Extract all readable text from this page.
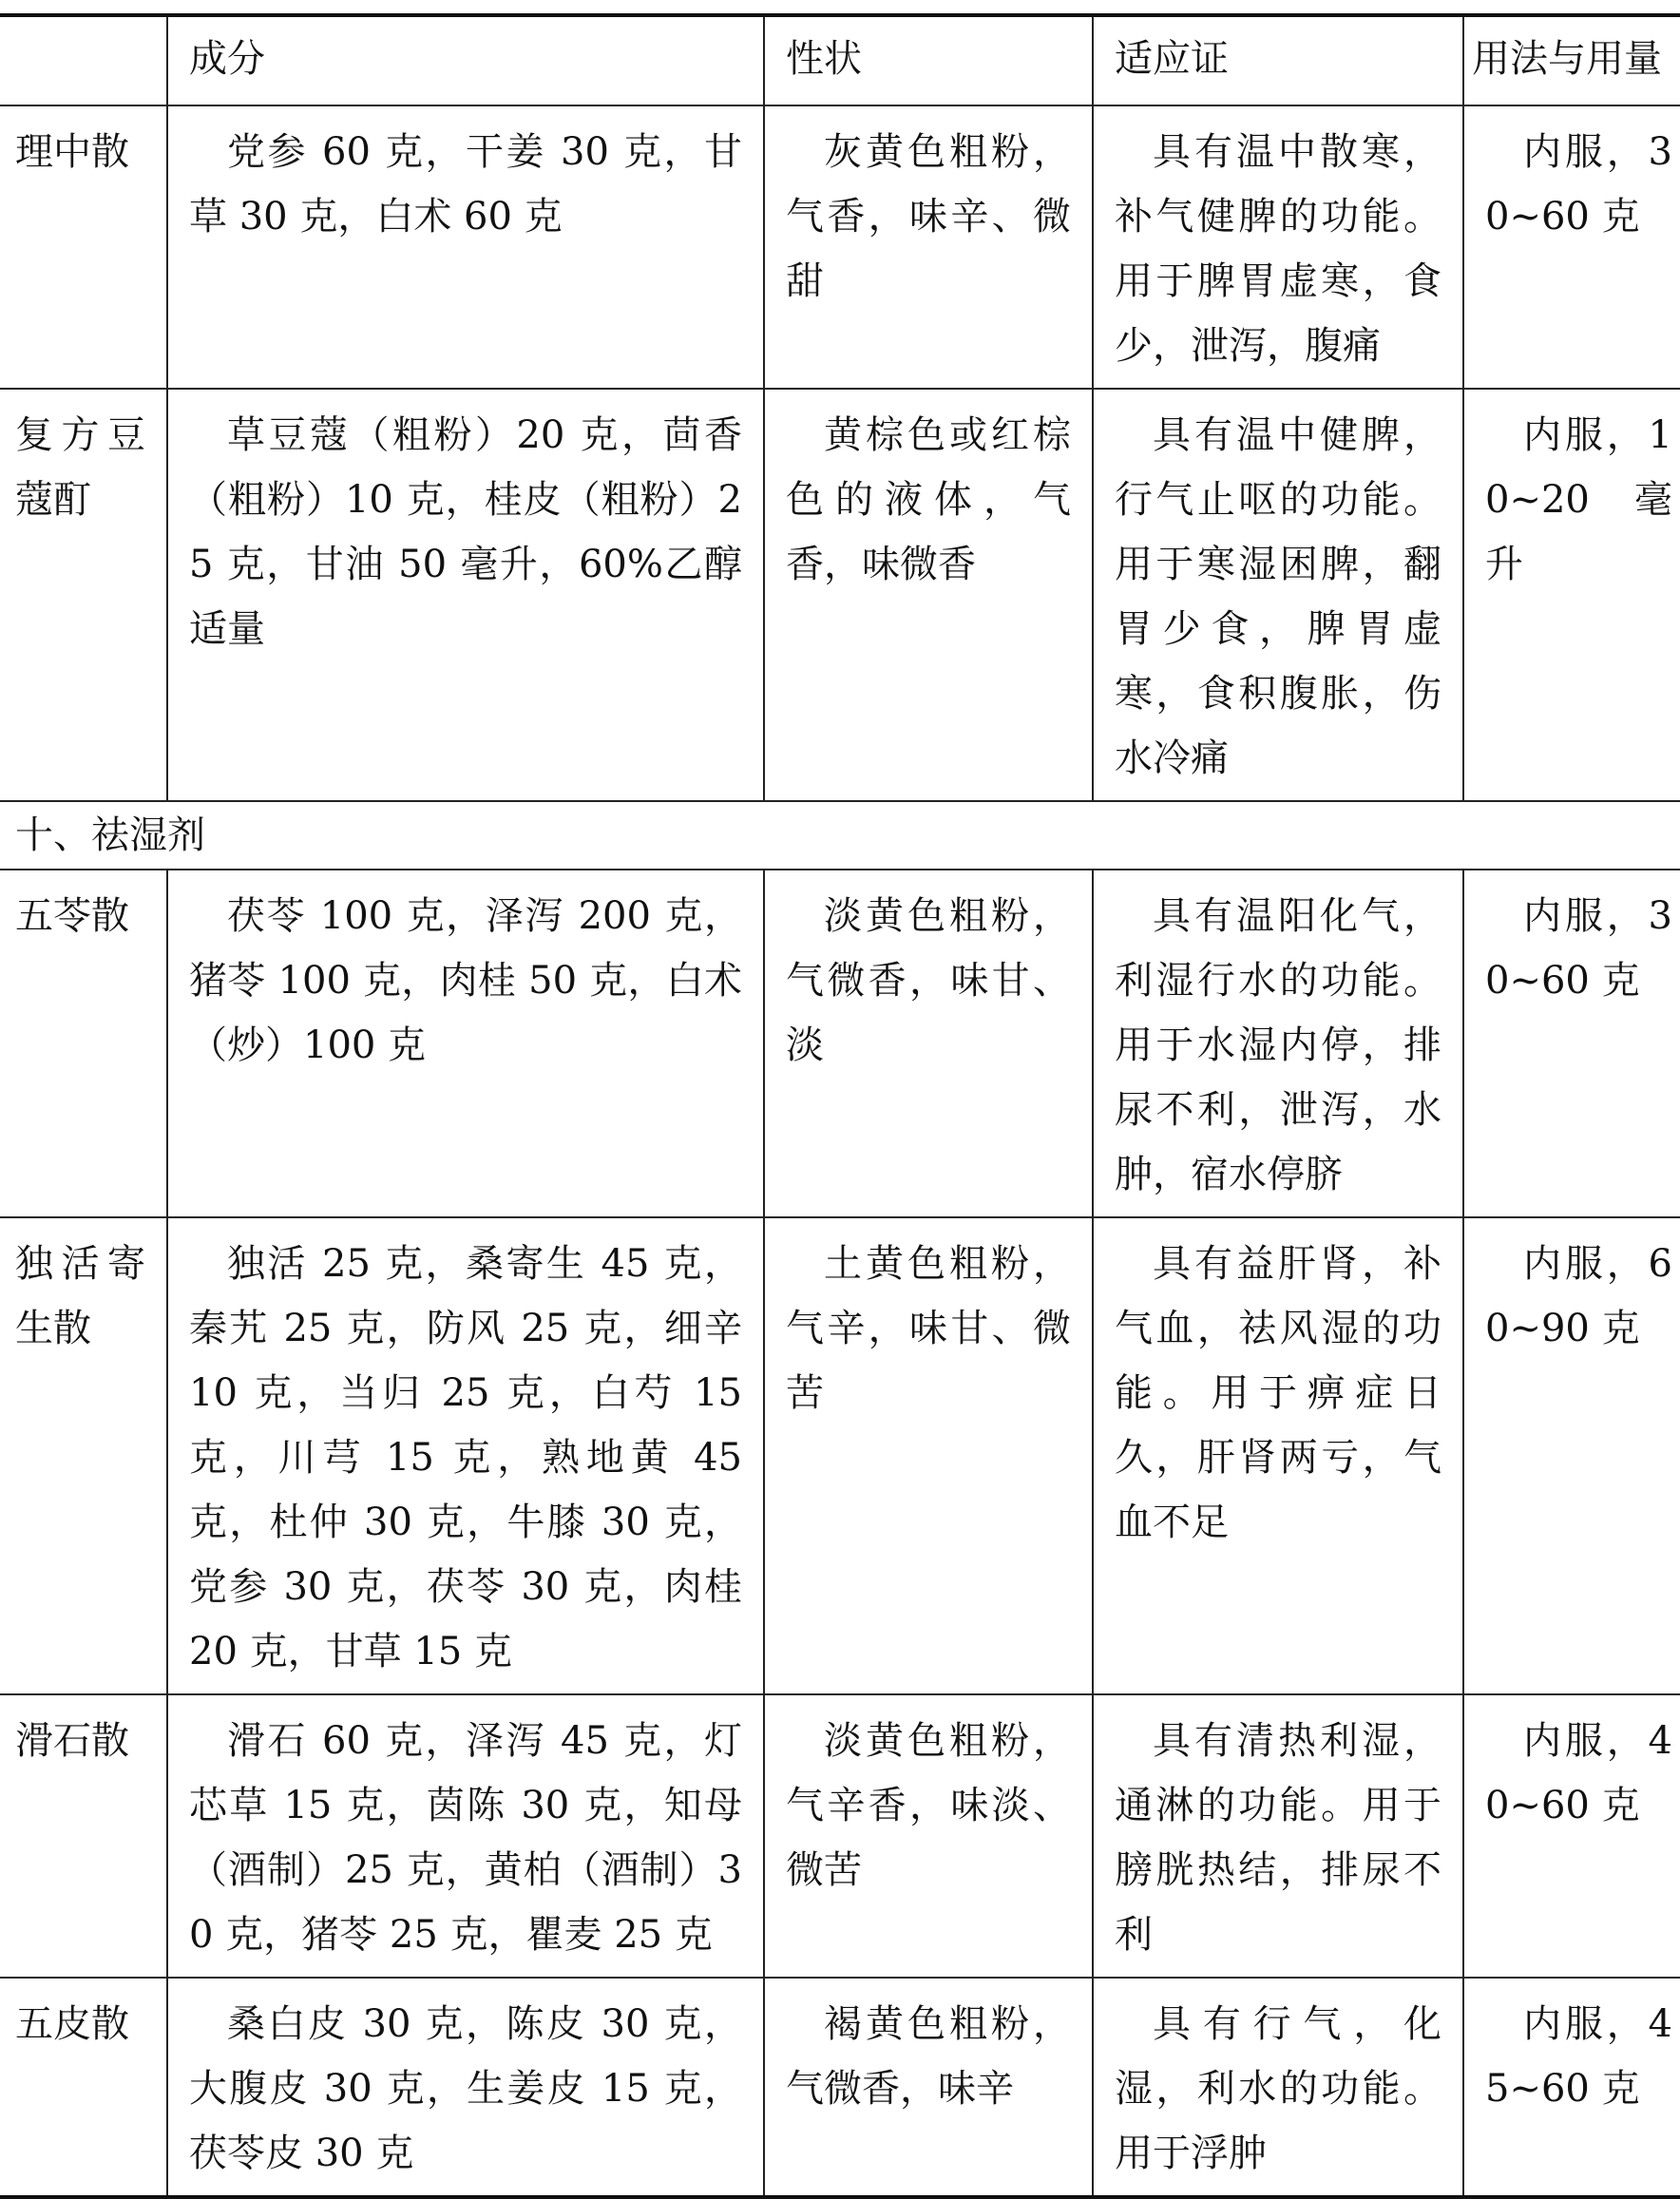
	成分	性状	适应证	用法与用量
理中散	党参 60 克，干姜 30 克，甘草 30 克，白术 60 克	灰黄色粗粉，气香，味辛、微甜	具有温中散寒，补气健脾的功能。用于脾胃虚寒，食少，泄泻，腹痛	内服，30~60 克
复方豆蔻酊	草豆蔻（粗粉）20 克，茴香（粗粉）10 克，桂皮（粗粉）25 克，甘油 50 毫升，60%乙醇适量	黄棕色或红棕色的液体，气香，味微香	具有温中健脾，行气止呕的功能。用于寒湿困脾，翻胃少食，脾胃虚寒，食积腹胀，伤水冷痛	内服，10~20 毫升
十、祛湿剂				
五苓散	茯苓 100 克，泽泻 200 克，猪苓 100 克，肉桂 50 克，白术（炒）100 克	淡黄色粗粉，气微香，味甘、淡	具有温阳化气，利湿行水的功能。用于水湿内停，排尿不利，泄泻，水肿，宿水停脐	内服，30~60 克
独活寄生散	独活 25 克，桑寄生 45 克，秦艽 25 克，防风 25 克，细辛 10 克，当归 25 克，白芍 15 克，川芎 15 克，熟地黄 45 克，杜仲 30 克，牛膝 30 克，党参 30 克，茯苓 30 克，肉桂 20 克，甘草 15 克	土黄色粗粉，气辛，味甘、微苦	具有益肝肾，补气血，祛风湿的功能。用于痹症日久，肝肾两亏，气血不足	内服，60~90 克
滑石散	滑石 60 克，泽泻 45 克，灯芯草 15 克，茵陈 30 克，知母（酒制）25 克，黄柏（酒制）30 克，猪苓 25 克，瞿麦 25 克	淡黄色粗粉，气辛香，味淡、微苦	具有清热利湿，通淋的功能。用于膀胱热结，排尿不利	内服，40~60 克
五皮散	桑白皮 30 克，陈皮 30 克，大腹皮 30 克，生姜皮 15 克，茯苓皮 30 克	褐黄色粗粉，气微香，味辛	具有行气，化湿，利水的功能。用于浮肿	内服，45~60 克
